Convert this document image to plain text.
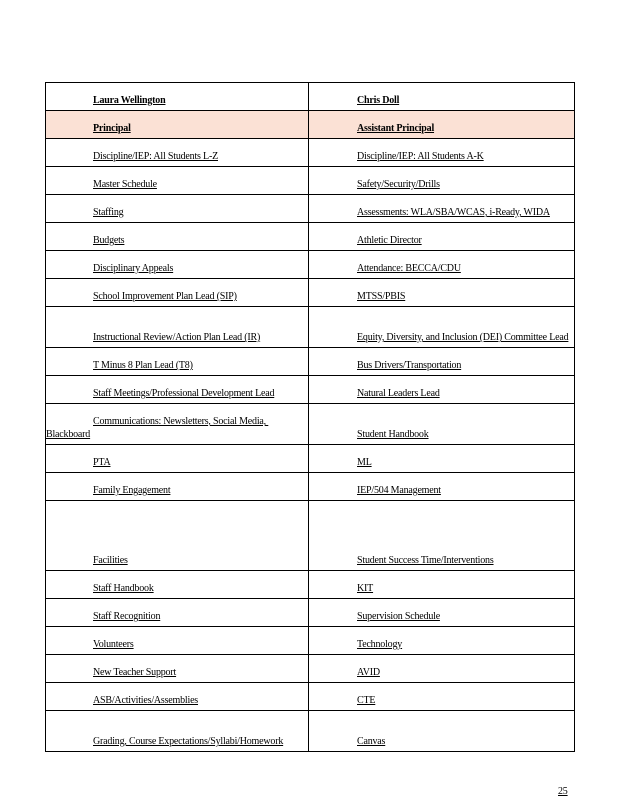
Laura Wellington	Chris Doll

Principal	Assistant Principal

Discipline/IEP: All Students L-Z	Discipline/IEP: All Students A-K

Master Schedule	Safety/Security/Drills

Staffing	Assessments: WLA/SBA/WCAS, i-Ready, WIDA

Budgets	Athletic Director

Disciplinary Appeals	Attendance: BECCA/CDU

School Improvement Plan Lead (SIP)	MTSS/PBIS

Instructional Review/Action Plan Lead (IR)	Equity, Diversity, and Inclusion (DEI) Committee Lead

T Minus 8 Plan Lead (T8)	Bus Drivers/Transportation

Staff Meetings/Professional Development Lead	Natural Leaders Lead

Communications: Newsletters, Social Media, Blackboard	Student Handbook

PTA	ML

Family Engagement	IEP/504 Management

Facilities	Student Success Time/Interventions

Staff Handbook	KIT

Staff Recognition	Supervision Schedule

Volunteers	Technology

New Teacher Support	AVID

ASB/Activities/Assemblies	CTE

Grading, Course Expectations/Syllabi/Homework	Canvas
25
